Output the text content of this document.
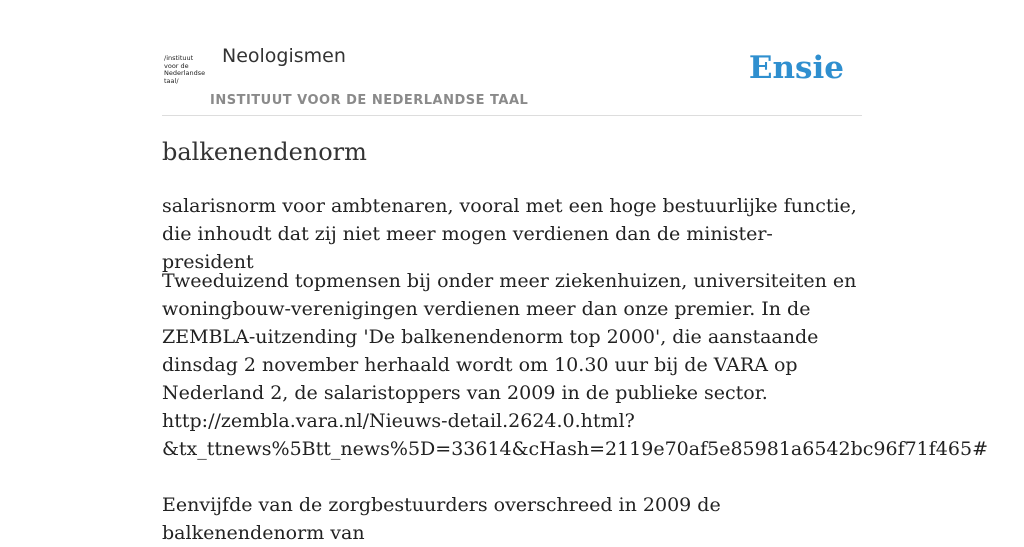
/instituut
voor de
Nederlandse
taal/
Neologismen
INSTITUUT VOOR DE NEDERLANDSE TAAL
Ensie
balkenendenorm

salarisnorm voor ambtenaren, vooral met een hoge bestuurlijke functie, die inhoudt dat zij niet meer mogen verdienen dan de minister-president

Tweeduizend topmensen bij onder meer ziekenhuizen, universiteiten en woningbouw-verenigingen verdienen meer dan onze premier. In de ZEMBLA-uitzending 'De balkenendenorm top 2000', die aanstaande dinsdag 2 november herhaald wordt om 10.30 uur bij de VARA op Nederland 2, de salaristoppers van 2009 in de publieke sector.
http://zembla.vara.nl/Nieuws-detail.2624.0.html?
&tx_ttnews%5Btt_news%5D=33614&cHash=2119e70af5e85981a6542bc96f71f465#

Eenvijfde van de zorgbestuurders overschreed in 2009 de balkenendenorm van
